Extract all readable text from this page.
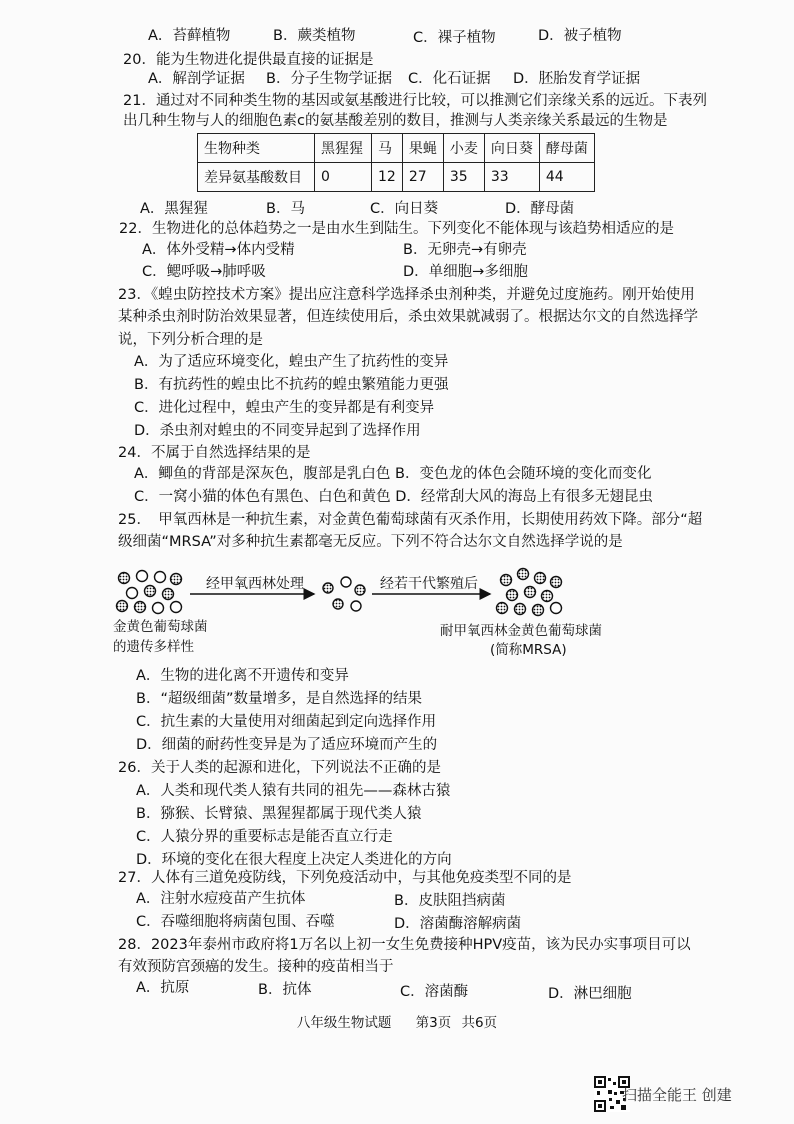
A．苔藓植物	B．蕨类植物	C．裸子植物	D．被子植物
20．能为生物进化提供最直接的证据是
A．解剖学证据 B．分子生物学证据 C．化石证据 D．胚胎发育学证据
21．通过对不同种类生物的基因或氨基酸进行比较，可以推测它们亲缘关系的远近。下表列
出几种生物与人的细胞色素c的氨基酸差别的数目，推测与人类亲缘关系最远的生物是
生物种类	黑猩猩	马	果蝇	小麦	向日葵	酵母菌
差异氨基酸数目	0	12	27	35	33	44
A．黑猩猩	B．马	C．向日葵	D．酵母菌
22．生物进化的总体趋势之一是由水生到陆生。下列变化不能体现与该趋势相适应的是
A．体外受精→体内受精	B．无卵壳→有卵壳
C．鳃呼吸→肺呼吸	D．单细胞→多细胞
23．《蝗虫防控技术方案》提出应注意科学选择杀虫剂种类，并避免过度施药。刚开始使用
某种杀虫剂时防治效果显著，但连续使用后，杀虫效果就减弱了。根据达尔文的自然选择学
说，下列分析合理的是
A．为了适应环境变化，蝗虫产生了抗药性的变异
B．有抗药性的蝗虫比不抗药的蝗虫繁殖能力更强
C．进化过程中，蝗虫产生的变异都是有利变异
D．杀虫剂对蝗虫的不同变异起到了选择作用
24．不属于自然选择结果的是
A．鲫鱼的背部是深灰色，腹部是乳白色 B．变色龙的体色会随环境的变化而变化
C．一窝小猫的体色有黑色、白色和黄色 D．经常刮大风的海岛上有很多无翅昆虫
25．　甲氧西林是一种抗生素，对金黄色葡萄球菌有灭杀作用，长期使用药效下降。部分“超
级细菌“MRSA”对多种抗生素都毫无反应。下列不符合达尔文自然选择学说的是
经甲氧西林处理	经若干代繁殖后
金黄色葡萄球菌
的遗传多样性
耐甲氧西林金黄色葡萄球菌
(简称MRSA)
A．生物的进化离不开遗传和变异
B．“超级细菌”数量增多，是自然选择的结果
C．抗生素的大量使用对细菌起到定向选择作用
D．细菌的耐药性变异是为了适应环境而产生的
26．关于人类的起源和进化，下列说法不正确的是
A．人类和现代类人猿有共同的祖先——森林古猿
B．猕猴、长臂猿、黑猩猩都属于现代类人猿
C．人猿分界的重要标志是能否直立行走
D．环境的变化在很大程度上决定人类进化的方向
27．人体有三道免疫防线，下列免疫活动中，与其他免疫类型不同的是
A．注射水痘疫苗产生抗体	B．皮肤阻挡病菌
C．吞噬细胞将病菌包围、吞噬	D．溶菌酶溶解病菌
28．2023年泰州市政府将1万名以上初一女生免费接种HPV疫苗，该为民办实事项目可以
有效预防宫颈癌的发生。接种的疫苗相当于
A．抗原	B．抗体	C．溶菌酶	D．淋巴细胞
八年级生物试题 第3页 共6页
扫描全能王 创建
